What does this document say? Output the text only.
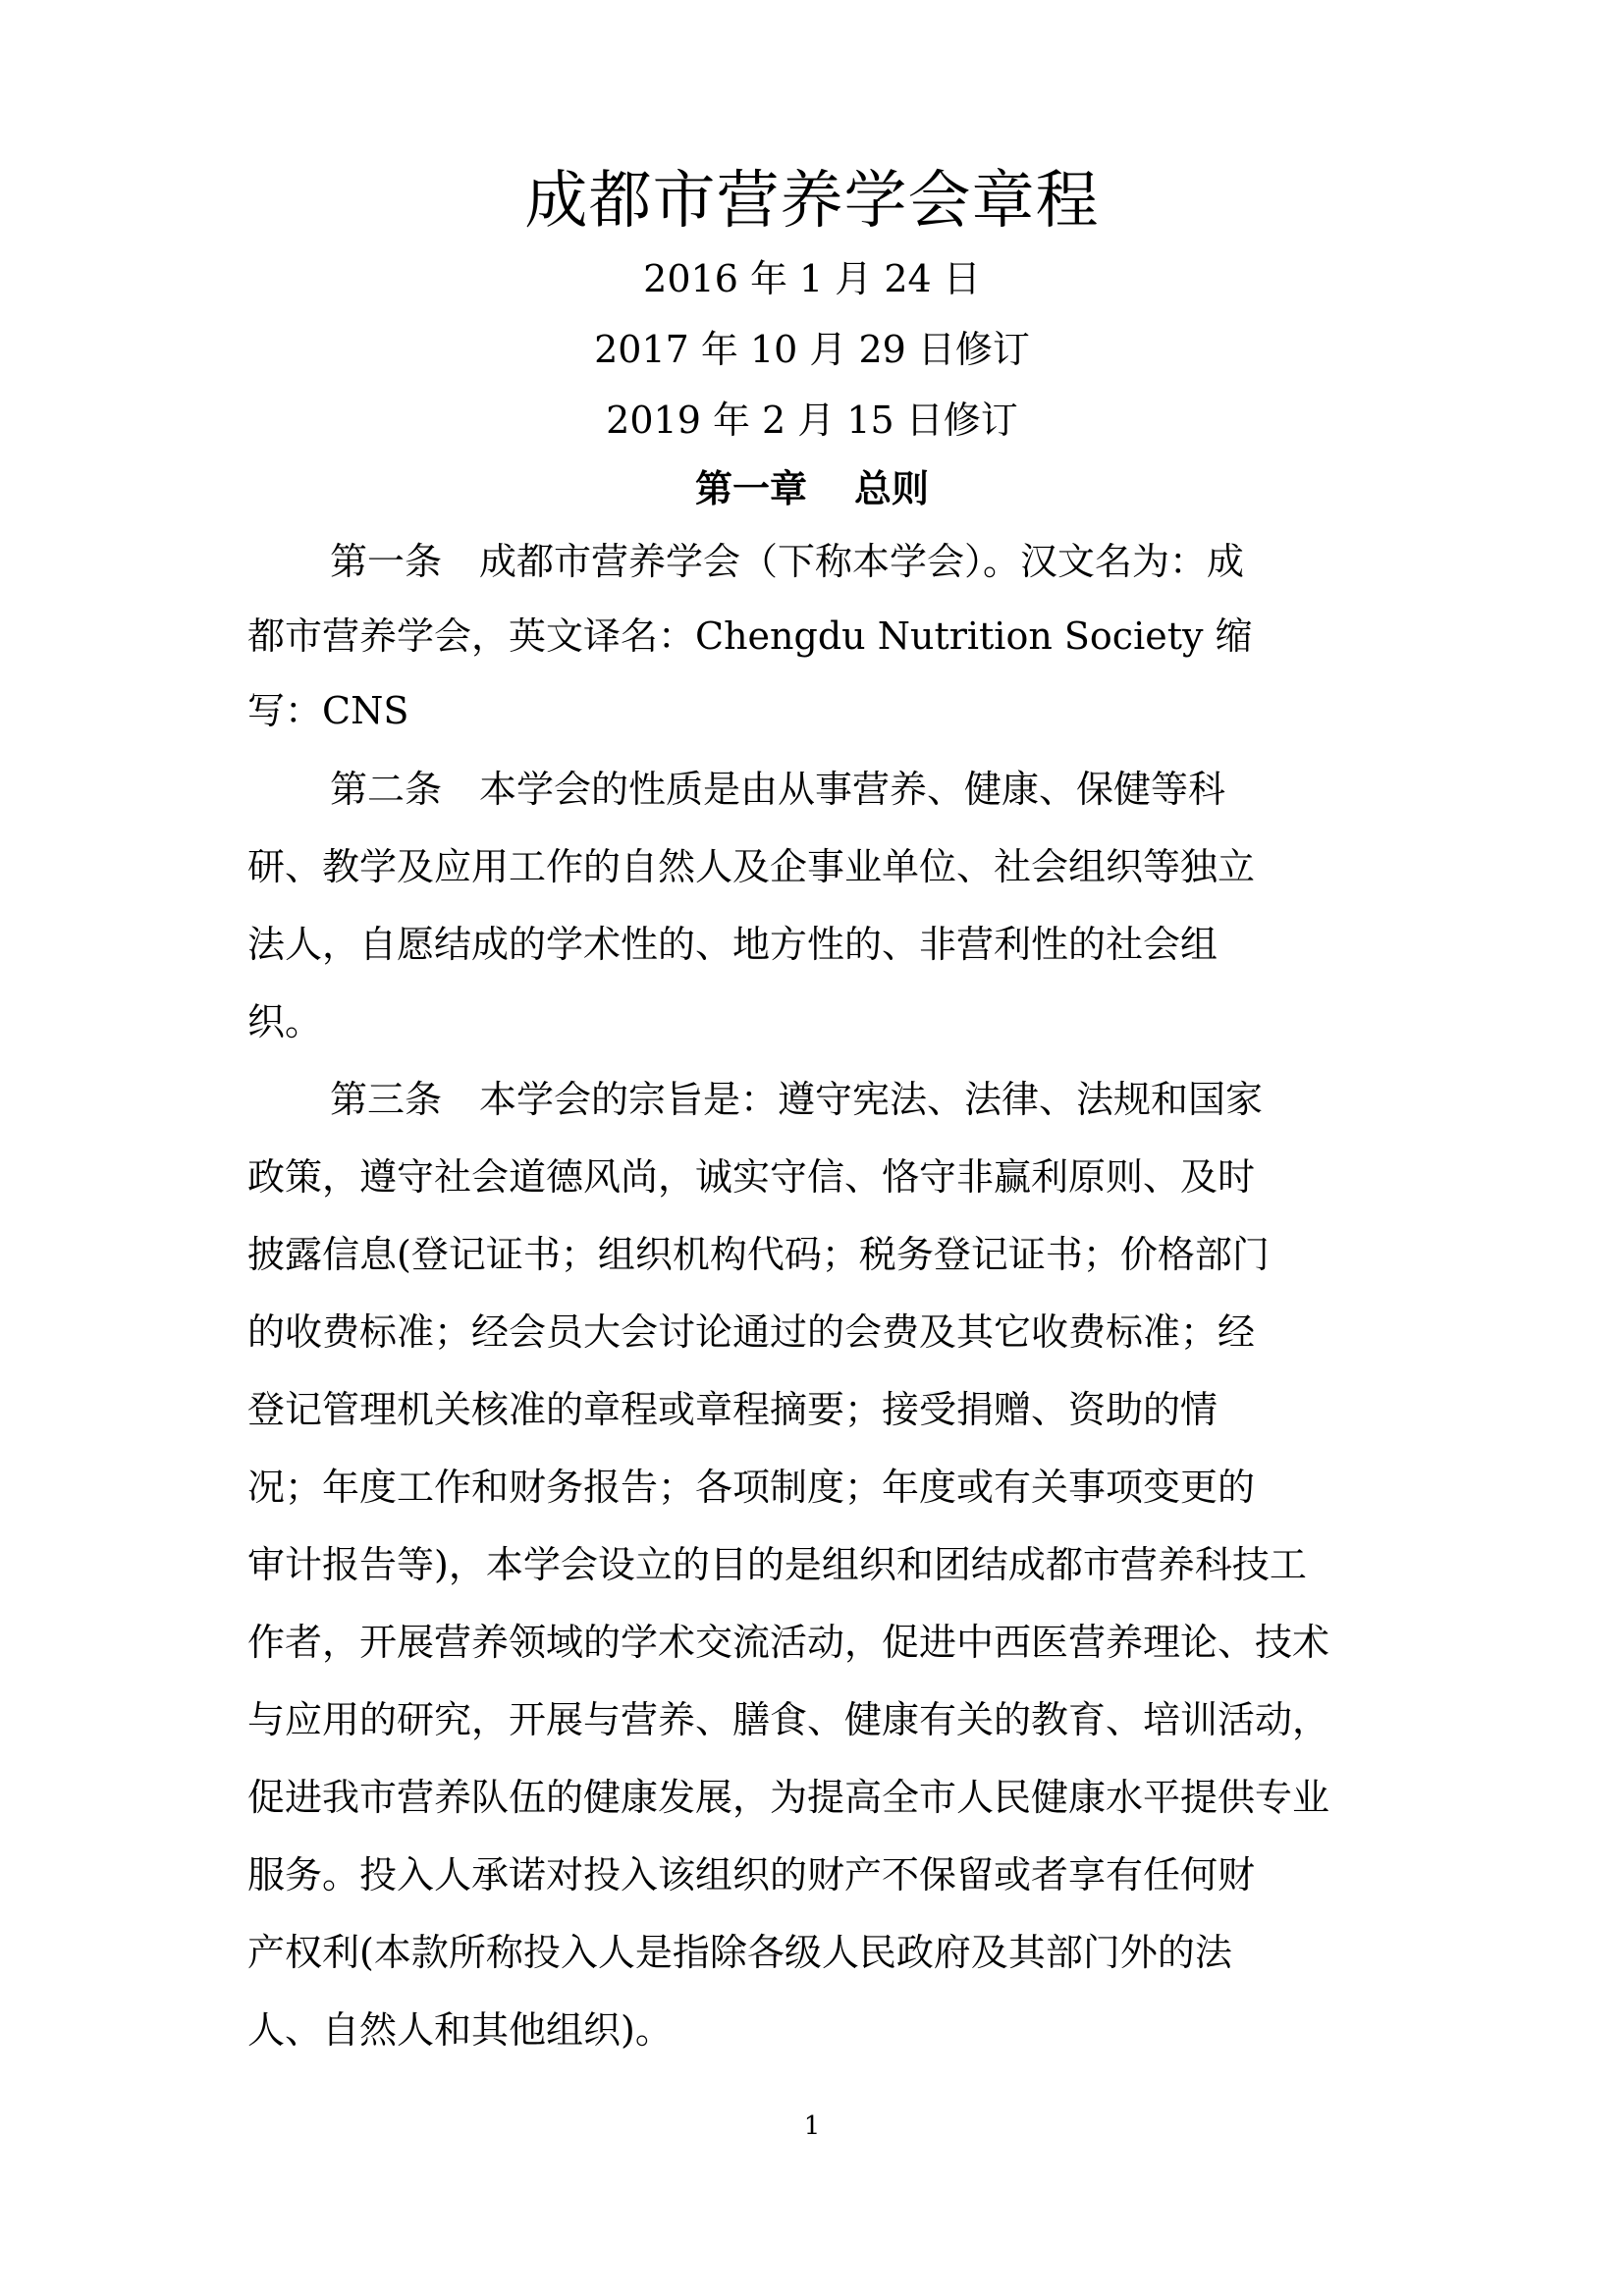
成都市营养学会章程
2016 年 1 月 24 日
2017 年 10 月 29 日修订
2019 年 2 月 15 日修订
第一章 总则
第一条 成都市营养学会（下称本学会）。汉文名为：成
都市营养学会，英文译名：Chengdu Nutrition Society 缩
写：CNS
第二条 本学会的性质是由从事营养、健康、保健等科
研、教学及应用工作的自然人及企事业单位、社会组织等独立
法人，自愿结成的学术性的、地方性的、非营利性的社会组
织。
第三条 本学会的宗旨是：遵守宪法、法律、法规和国家
政策，遵守社会道德风尚，诚实守信、恪守非赢利原则、及时
披露信息(登记证书；组织机构代码；税务登记证书；价格部门
的收费标准；经会员大会讨论通过的会费及其它收费标准；经
登记管理机关核准的章程或章程摘要；接受捐赠、资助的情
况；年度工作和财务报告；各项制度；年度或有关事项变更的
审计报告等)，本学会设立的目的是组织和团结成都市营养科技工
作者，开展营养领域的学术交流活动，促进中西医营养理论、技术
与应用的研究，开展与营养、膳食、健康有关的教育、培训活动，
促进我市营养队伍的健康发展，为提高全市人民健康水平提供专业
服务。投入人承诺对投入该组织的财产不保留或者享有任何财
产权利(本款所称投入人是指除各级人民政府及其部门外的法
人、自然人和其他组织)。
1
